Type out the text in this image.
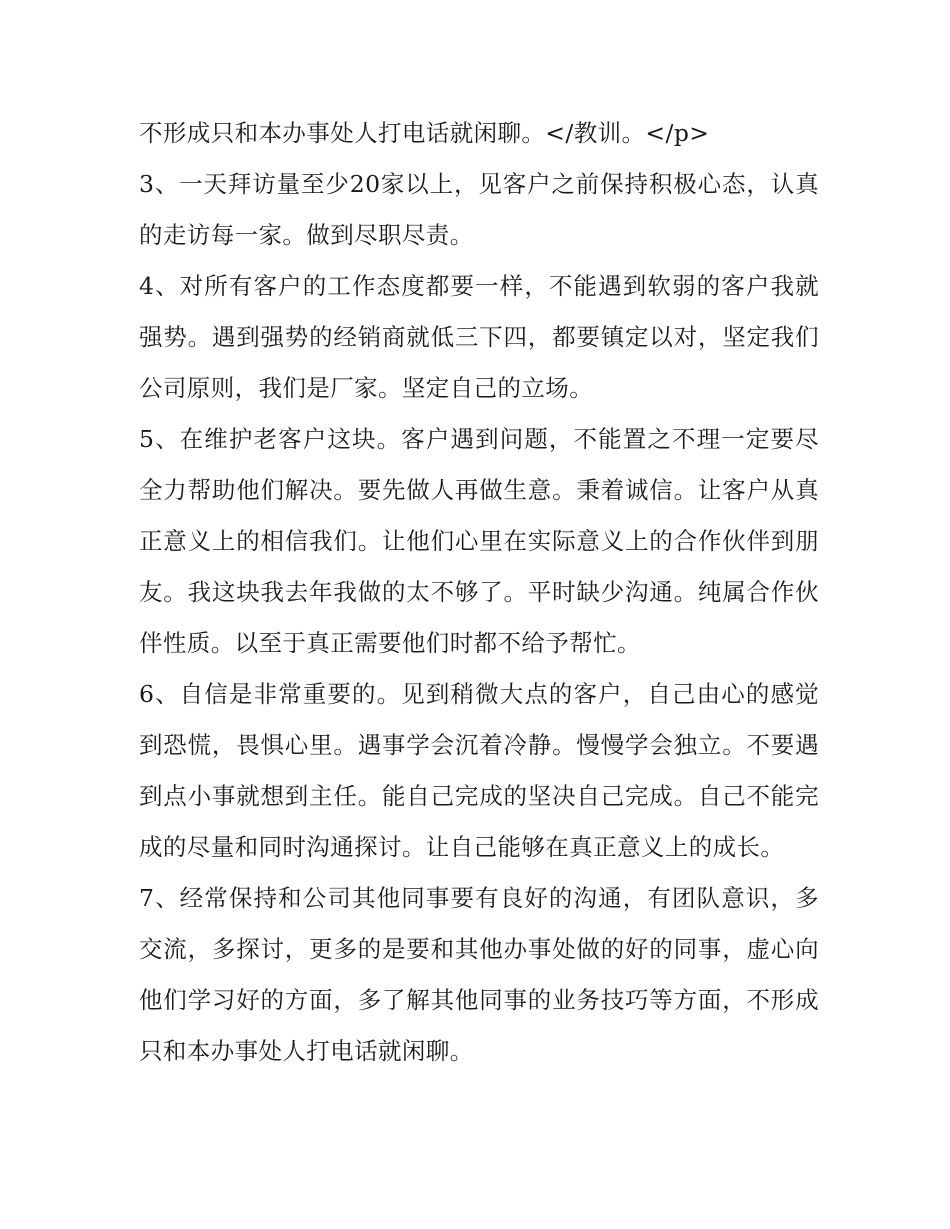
不形成只和本办事处人打电话就闲聊。</教训。</p>

3、一天拜访量至少20家以上，见客户之前保持积极心态，认真的走访每一家。做到尽职尽责。

4、对所有客户的工作态度都要一样，不能遇到软弱的客户我就强势。遇到强势的经销商就低三下四，都要镇定以对，坚定我们公司原则，我们是厂家。坚定自己的立场。

5、在维护老客户这块。客户遇到问题，不能置之不理一定要尽全力帮助他们解决。要先做人再做生意。秉着诚信。让客户从真正意义上的相信我们。让他们心里在实际意义上的合作伙伴到朋友。我这块我去年我做的太不够了。平时缺少沟通。纯属合作伙伴性质。以至于真正需要他们时都不给予帮忙。

6、自信是非常重要的。见到稍微大点的客户，自己由心的感觉到恐慌，畏惧心里。遇事学会沉着冷静。慢慢学会独立。不要遇到点小事就想到主任。能自己完成的坚决自己完成。自己不能完成的尽量和同时沟通探讨。让自己能够在真正意义上的成长。

7、经常保持和公司其他同事要有良好的沟通，有团队意识，多交流，多探讨，更多的是要和其他办事处做的好的同事，虚心向他们学习好的方面，多了解其他同事的业务技巧等方面，不形成只和本办事处人打电话就闲聊。
